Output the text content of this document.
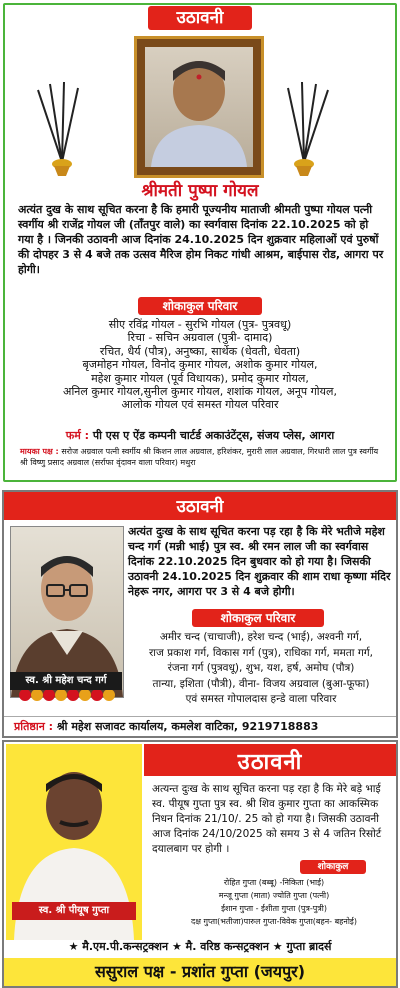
उठावनी
श्रीमती पुष्पा गोयल
अत्यंत दुख के साथ सूचित करना है कि हमारी पूज्यनीय माताजी श्रीमती पुष्पा गोयल पत्नी स्वर्गीय श्री राजेंद्र गोयल जी (ताँतपुर वाले) का स्वर्गवास दिनांक 22.10.2025 को हो गया है । जिनकी उठावनी आज दिनांक 24.10.2025 दिन शुक्रवार महिलाओं एवं पुरुषों की दोपहर 3 से 4 बजे तक उत्सव मैरिज होम निकट गांधी आश्रम, बाईपास रोड, आगरा पर होगी।
शोकाकुल परिवार
सीए रविंद्र गोयल - सुरभि गोयल (पुत्र- पुत्रवधू)
रिचा - सचिन अग्रवाल (पुत्री- दामाद)
रचित, धैर्य (पौत्र), अनुष्का, सार्थेक (धेवती, धेवता)
बृजमोहन गोयल, विनोद कुमार गोयल, अशोक कुमार गोयल,
महेश कुमार गोयल (पूर्व विधायक), प्रमोद कुमार गोयल,
अनिल कुमार गोयल,सुनील कुमार गोयल, शशांक गोयल, अनूप गोयल,
आलोक गोयल एवं समस्त गोयल परिवार
फर्म : पी एस ए ऐंड कम्पनी चार्टर्ड अकाउंटेंट्स, संजय प्लेस, आगरा
मायका पक्ष : सरोज अग्रवाल पत्नी स्वर्गीय श्री किशन लाल अग्रवाल, हरिशंकर, मुरारी लाल अग्रवाल, गिरधारी लाल पुत्र स्वर्गीय श्री विष्णु प्रसाद अग्रवाल (सर्राफा वृंदावन वाला परिवार) मथुरा
उठावनी
स्व. श्री महेश चन्द गर्ग
अत्यंत दुःख के साथ सूचित करना पड़ रहा है कि मेरे भतीजे महेश चन्द गर्ग (मन्नी भाई) पुत्र स्व. श्री रमन लाल जी का स्वर्गवास दिनांक 22.10.2025 दिन बुधवार को हो गया है। जिसकी उठावनी 24.10.2025 दिन शुक्रवार की शाम राधा कृष्णा मंदिर नेहरू नगर, आगरा पर 3 से 4 बजे होगी।
शोकाकुल परिवार
अमीर चन्द (चाचाजी), हरेश चन्द (भाई), अश्वनी गर्ग,
राज प्रकाश गर्ग, विकास गर्ग (पुत्र), राधिका गर्ग, ममता गर्ग,
रंजना गर्ग (पुत्रवधू), शुभ, यश, हर्ष, अमोघ (पौत्र)
तान्या, इशिता (पौत्री), वीना- विजय अग्रवाल (बुआ-फूफा)
एवं समस्त गोपालदास हन्डे वाला परिवार
प्रतिष्ठान : श्री महेश सजावट कार्यालय, कमलेश वाटिका, 9219718883
स्व. श्री पीयूष गुप्ता
उठावनी
अत्यन्त दुःख के साथ सूचित करना पड़ रहा है कि मेरे बड़े भाई स्व. पीयूष गुप्ता पुत्र स्व. श्री शिव कुमार गुप्ता का आकस्मिक निधन दिनांक 21/10/. 25 को हो गया है। जिसकी उठावनी आज दिनांक 24/10/2025 को समय 3 से 4 जतिन रिसोर्ट दयालबाग पर होगी ।
शोकाकुल
रोहित गुप्ता (बब्बू) -निकिता (भाई)
मन्जू गुप्ता (माता) ज्योति गुप्ता (पत्नी)
ईशान गुप्ता - ईशीता गुप्ता (पुत्र-पुत्री)
दक्ष गुप्ता(भतीजा)पारुल गुप्ता-विवेक गुप्ता(बहन- बहनोई)
★ मै.एम.पी.कन्सट्रक्शन ★ मै. वरिष्ठ कन्सट्रक्शन ★ गुप्ता ब्रादर्स
ससुराल पक्ष - प्रशांत गुप्ता (जयपुर)
